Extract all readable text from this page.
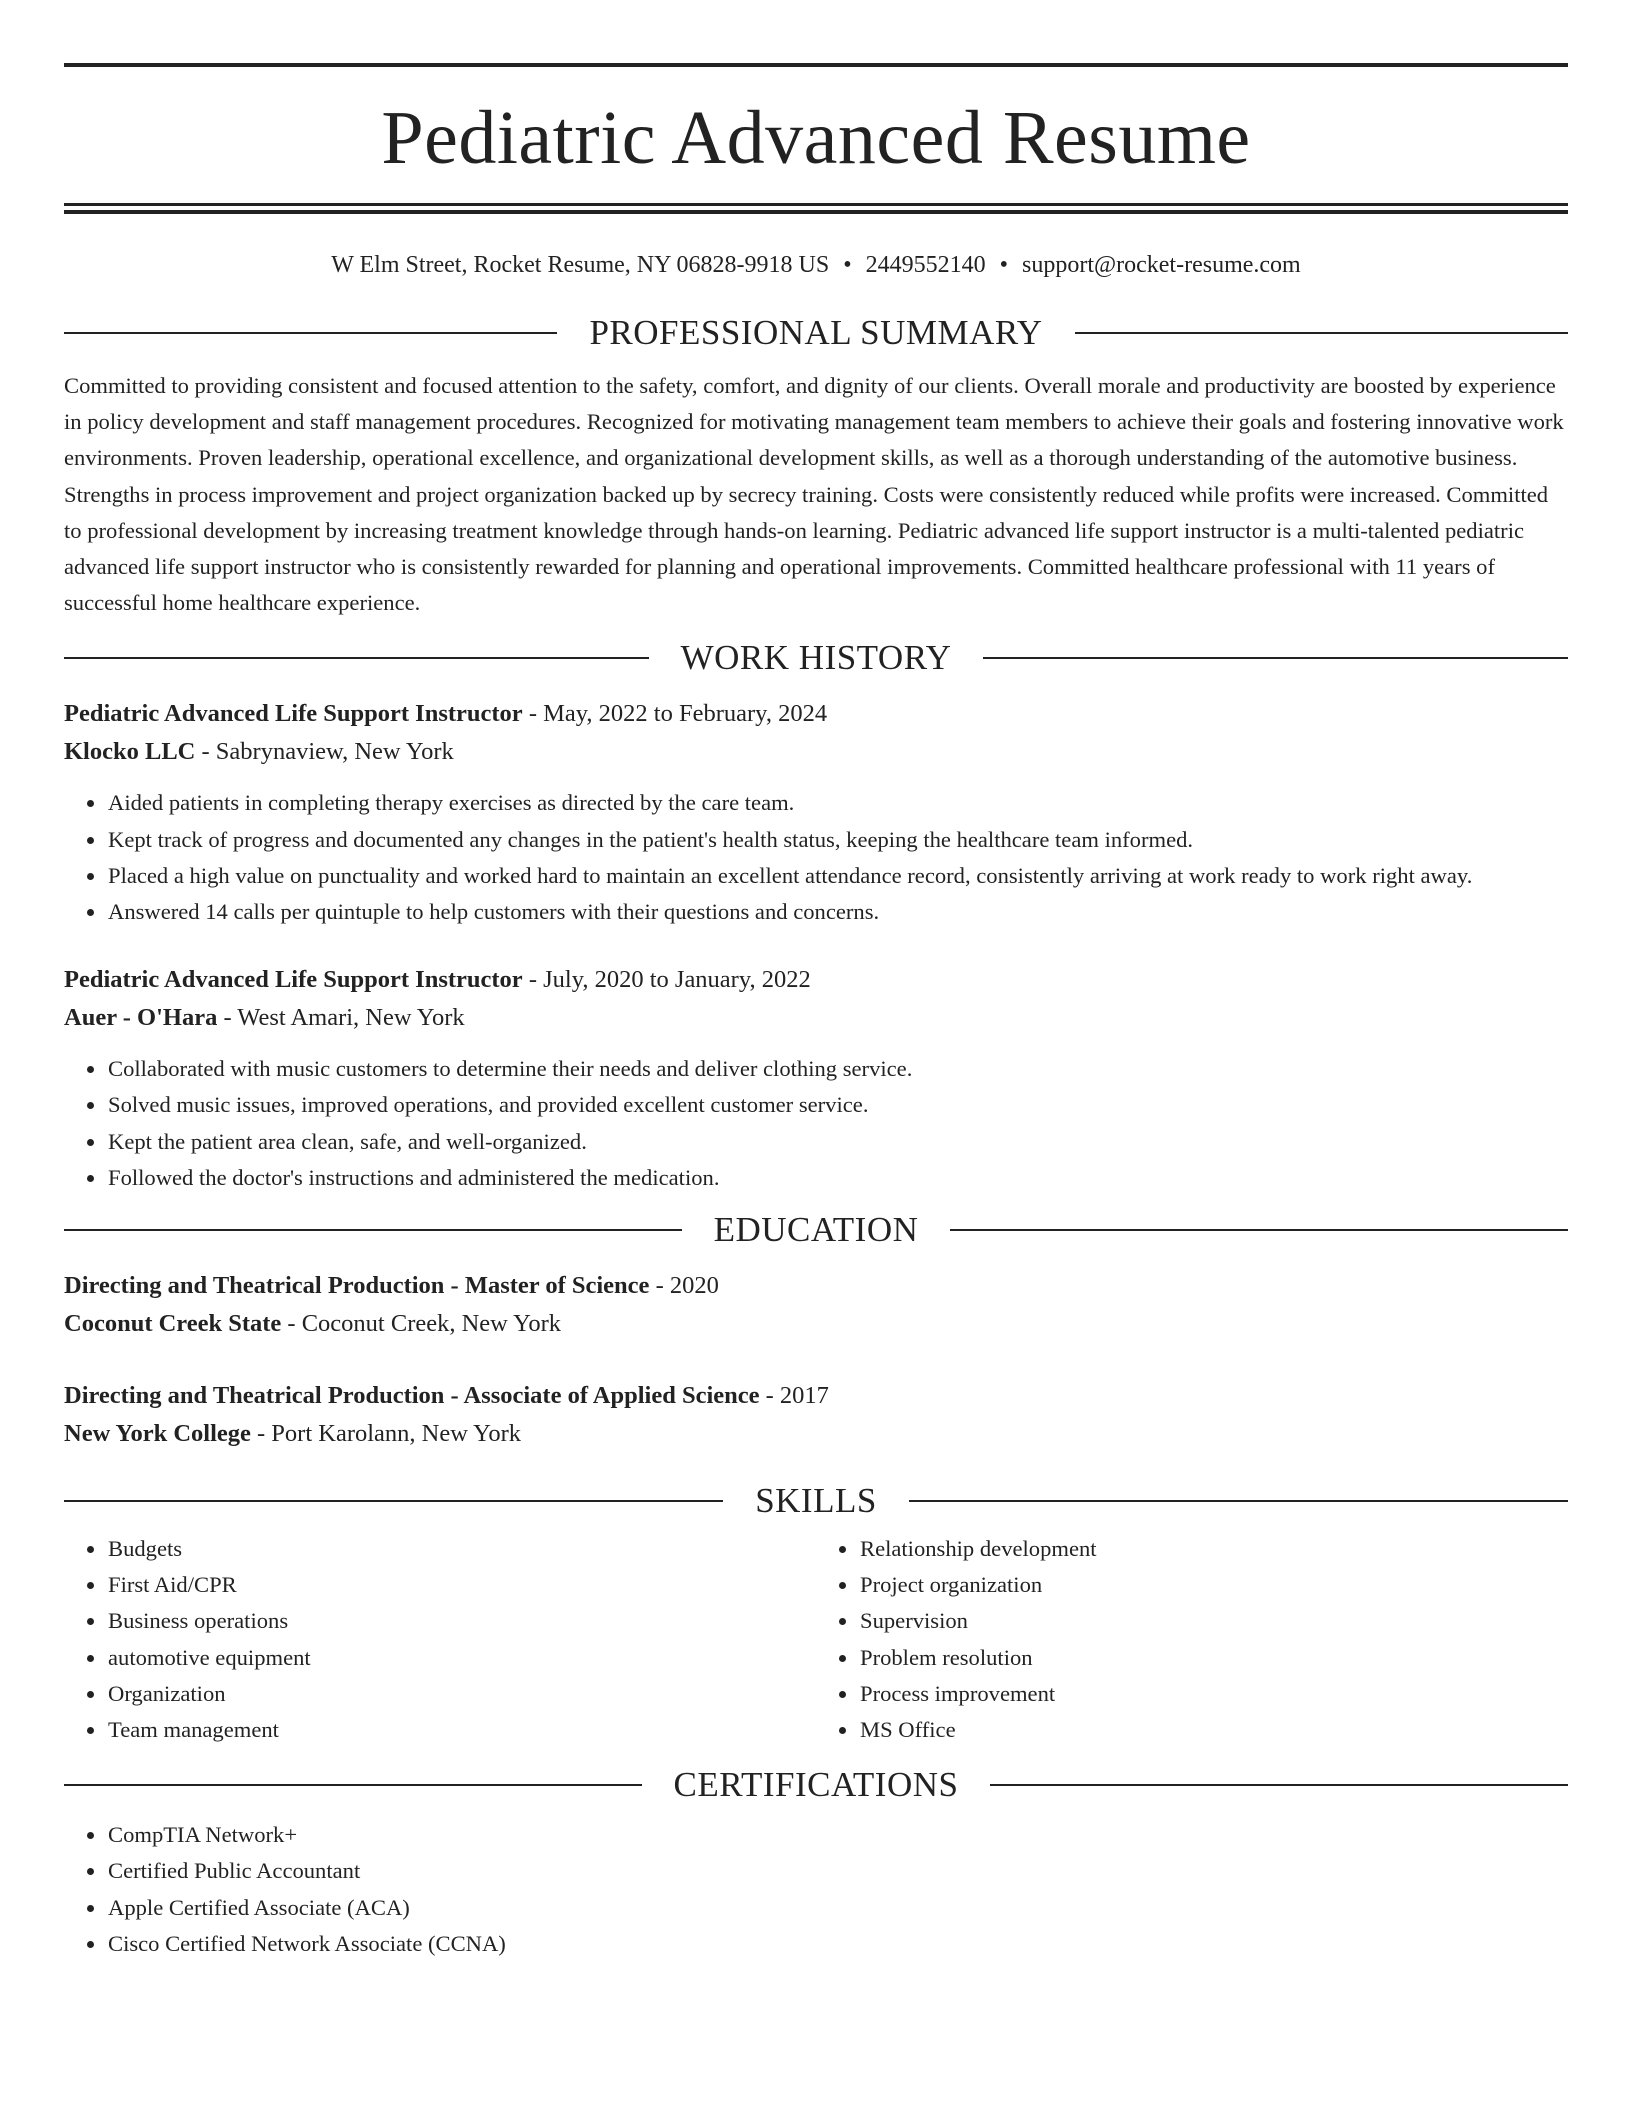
Pediatric Advanced Resume
W Elm Street, Rocket Resume, NY 06828-9918 US • 2449552140 • support@rocket-resume.com
PROFESSIONAL SUMMARY

Committed to providing consistent and focused attention to the safety, comfort, and dignity of our clients. Overall morale and productivity are boosted by experience in policy development and staff management procedures. Recognized for motivating management team members to achieve their goals and fostering innovative work environments. Proven leadership, operational excellence, and organizational development skills, as well as a thorough understanding of the automotive business. Strengths in process improvement and project organization backed up by secrecy training. Costs were consistently reduced while profits were increased. Committed to professional development by increasing treatment knowledge through hands-on learning. Pediatric advanced life support instructor is a multi-talented pediatric advanced life support instructor who is consistently rewarded for planning and operational improvements. Committed healthcare professional with 11 years of successful home healthcare experience.

WORK HISTORY
Pediatric Advanced Life Support Instructor - May, 2022 to February, 2024
Klocko LLC - Sabrynaview, New York
• Aided patients in completing therapy exercises as directed by the care team.
• Kept track of progress and documented any changes in the patient's health status, keeping the healthcare team informed.
• Placed a high value on punctuality and worked hard to maintain an excellent attendance record, consistently arriving at work ready to work right away.
• Answered 14 calls per quintuple to help customers with their questions and concerns.
Pediatric Advanced Life Support Instructor - July, 2020 to January, 2022
Auer - O'Hara - West Amari, New York
• Collaborated with music customers to determine their needs and deliver clothing service.
• Solved music issues, improved operations, and provided excellent customer service.
• Kept the patient area clean, safe, and well-organized.
• Followed the doctor's instructions and administered the medication.
EDUCATION
Directing and Theatrical Production - Master of Science - 2020
Coconut Creek State - Coconut Creek, New York
Directing and Theatrical Production - Associate of Applied Science - 2017
New York College - Port Karolann, New York
SKILLS
• Budgets
• First Aid/CPR
• Business operations
• automotive equipment
• Organization
• Team management
• Relationship development
• Project organization
• Supervision
• Problem resolution
• Process improvement
• MS Office
CERTIFICATIONS
• CompTIA Network+
• Certified Public Accountant
• Apple Certified Associate (ACA)
• Cisco Certified Network Associate (CCNA)
